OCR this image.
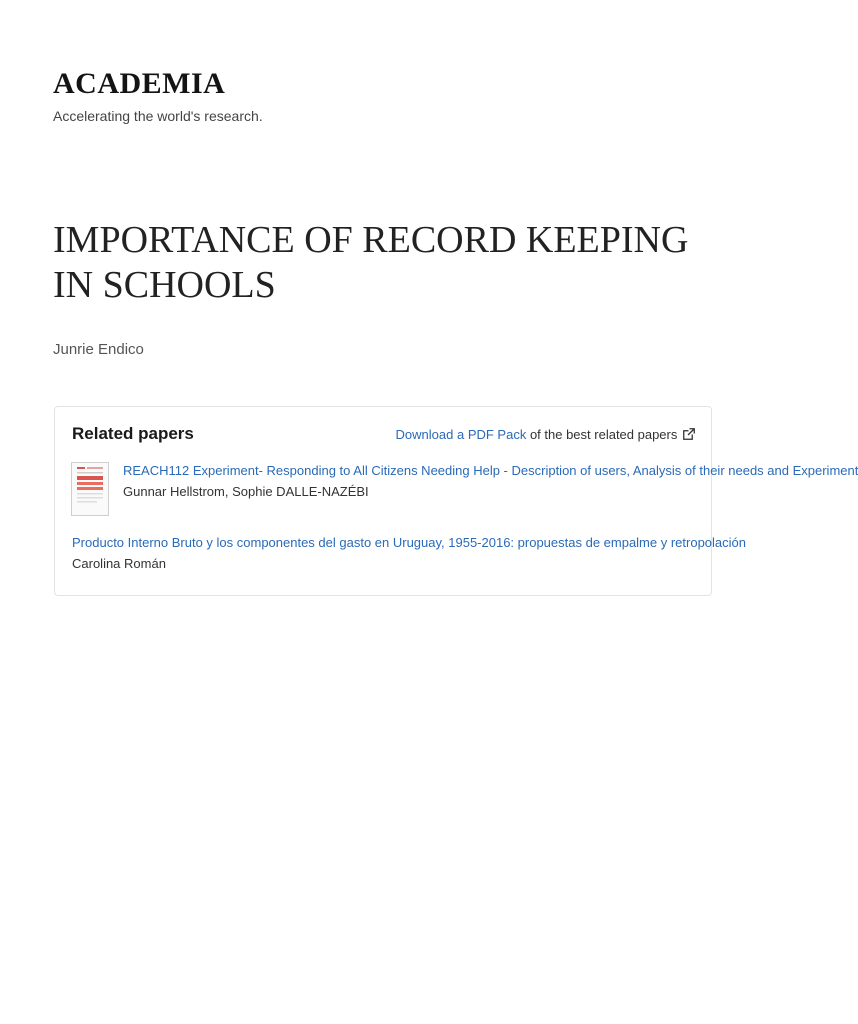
ACADEMIA
Accelerating the world's research.
IMPORTANCE OF RECORD KEEPING IN SCHOOLS
Junrie Endico
Related papers	Download a PDF Pack of the best related papers
REACH112 Experiment- Responding to All Citizens Needing Help - Description of users, Analysis of their needs and Experiment
Gunnar Hellstrom, Sophie DALLE-NAZÉBI
Producto Interno Bruto y los componentes del gasto en Uruguay, 1955-2016: propuestas de empalme y retropolación
Carolina Román
